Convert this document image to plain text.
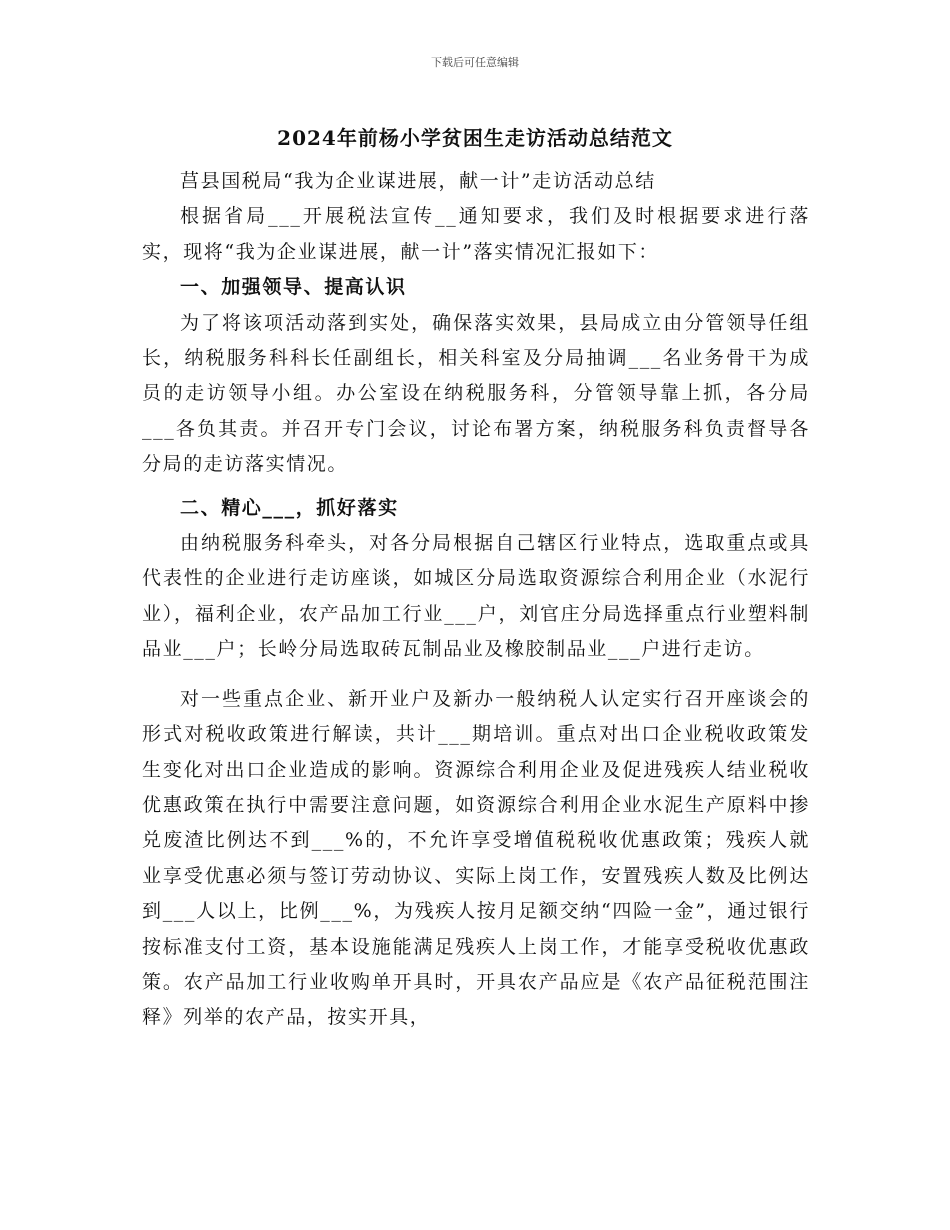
下载后可任意编辑
2024年前杨小学贫困生走访活动总结范文

莒县国税局“我为企业谋进展，献一计”走访活动总结

根据省局___开展税法宣传__通知要求，我们及时根据要求进行落实，现将“我为企业谋进展，献一计”落实情况汇报如下：

一、加强领导、提高认识

为了将该项活动落到实处，确保落实效果，县局成立由分管领导任组长，纳税服务科科长任副组长，相关科室及分局抽调___名业务骨干为成员的走访领导小组。办公室设在纳税服务科，分管领导靠上抓，各分局___各负其责。并召开专门会议，讨论布署方案，纳税服务科负责督导各分局的走访落实情况。

二、精心___，抓好落实

由纳税服务科牵头，对各分局根据自己辖区行业特点，选取重点或具代表性的企业进行走访座谈，如城区分局选取资源综合利用企业（水泥行业），福利企业，农产品加工行业___户，刘官庄分局选择重点行业塑料制品业___户；长岭分局选取砖瓦制品业及橡胶制品业___户进行走访。

对一些重点企业、新开业户及新办一般纳税人认定实行召开座谈会的形式对税收政策进行解读，共计___期培训。重点对出口企业税收政策发生变化对出口企业造成的影响。资源综合利用企业及促进残疾人结业税收优惠政策在执行中需要注意问题，如资源综合利用企业水泥生产原料中掺兑废渣比例达不到___%的，不允许享受增值税税收优惠政策；残疾人就业享受优惠必须与签订劳动协议、实际上岗工作，安置残疾人数及比例达到___人以上，比例___%，为残疾人按月足额交纳“四险一金”，通过银行按标准支付工资，基本设施能满足残疾人上岗工作，才能享受税收优惠政策。农产品加工行业收购单开具时，开具农产品应是《农产品征税范围注释》列举的农产品，按实开具，
